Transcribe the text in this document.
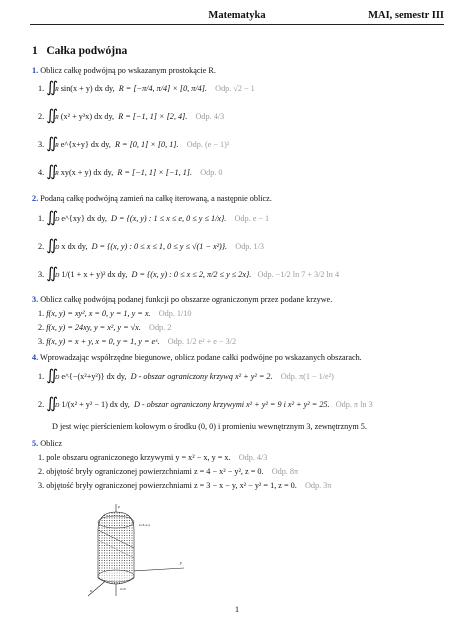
Matematyka	MAI, semestr III
1 Całka podwójna
1. Oblicz całkę podwójną po wskazanym prostokącie R.
1. ∬R sin(x + y) dx dy, R = [−π/4, π/4] × [0, π/4]. Odp. √2 − 1
2. ∬R (x² + y²x) dx dy, R = [−1, 1] × [2, 4]. Odp. 4/3
3. ∬R e^{x+y} dx dy, R = [0, 1] × [0, 1]. Odp. (e − 1)²
4. ∬R xy(x + y) dx dy, R = [−1, 1] × [−1, 1]. Odp. 0
2. Podaną całkę podwójną zamień na całkę iterowaną, a następnie oblicz.
1. ∬D e^{xy} dx dy, D = {(x, y) : 1 ≤ x ≤ e, 0 ≤ y ≤ 1/x}. Odp. e − 1
2. ∬D x dx dy, D = {(x, y) : 0 ≤ x ≤ 1, 0 ≤ y ≤ √(1 − x²)}. Odp. 1/3
3. ∬D 1/(1 + x + y)² dx dy, D = {(x, y) : 0 ≤ x ≤ 2, π/2 ≤ y ≤ 2x}. Odp. −1/2 ln 7 + 3/2 ln 4
3. Oblicz całkę podwójną podanej funkcji po obszarze ograniczonym przez podane krzywe.
1. f(x, y) = xy², x = 0, y = 1, y = x. Odp. 1/10
2. f(x, y) = 24xy, y = x², y = √x. Odp. 2
3. f(x, y) = x + y, x = 0, y = 1, y = eˣ. Odp. 1/2 e² + e − 3/2
4. Wprowadzając współrzędne biegunowe, oblicz podane całki podwójne po wskazanych obszarach.
1. ∬D e^{−(x²+y²)} dx dy, D - obszar ograniczony krzywą x² + y² = 2. Odp. π(1 − 1/e²)
2. ∬D 1/(x² + y² − 1) dx dy, D - obszar ograniczony krzywymi x² + y² = 9 i x² + y² = 25. Odp. π ln 3
D jest więc pierścieniem kołowym o środku (0, 0) i promieniu wewnętrznym 3, zewnętrznym 5.
5. Oblicz
1. pole obszaru ograniczonego krzywymi y = x² − x, y = x. Odp. 4/3
2. objętość bryły ograniczonej powierzchniami z = 4 − x² − y², z = 0. Odp. 8π
3. objętość bryły ograniczonej powierzchniami z = 3 − x − y, x² − y² = 1, z = 0. Odp. 3π
z
y
x
z=3-x-y
x=0
1
